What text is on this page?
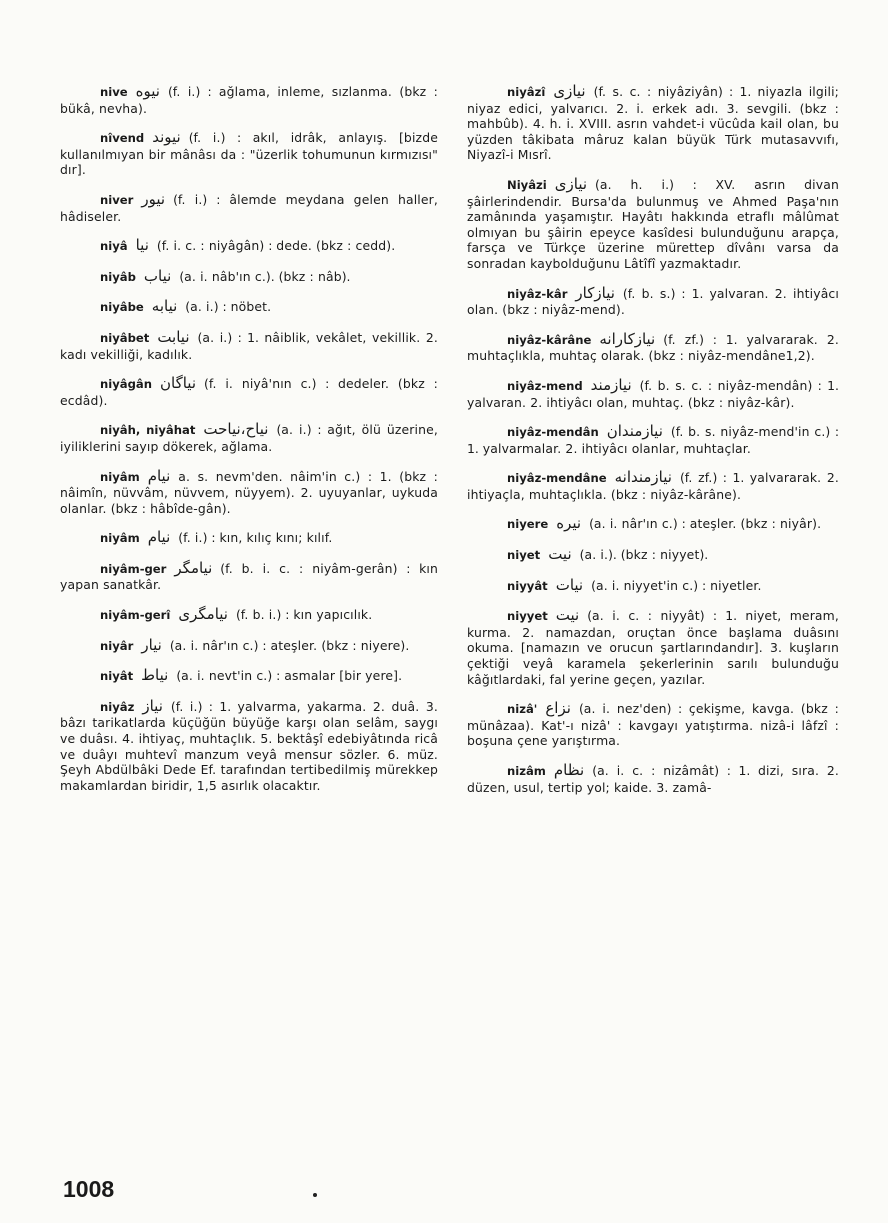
nive نیوه (f. i.) : ağlama, inleme, sızlanma. (bkz : bükâ, nevha).
nîvend نیوند (f. i.) : akıl, idrâk, anlayış. [bizde kullanılmıyan bir mânâsı da : "üzerlik tohumunun kırmızısı" dır].
niver نیور (f. i.) : âlemde meydana gelen haller, hâdiseler.
niyâ نیا (f. i. c. : niyâgân) : dede. (bkz : cedd).
niyâb نیاب (a. i. nâb'ın c.). (bkz : nâb).
niyâbe نیابه (a. i.) : nöbet.
niyâbet نیابت (a. i.) : 1. nâiblik, vekâlet, vekillik. 2. kadı vekilliği, kadılık.
niyâgân نیاگان (f. i. niyâ'nın c.) : dedeler. (bkz : ecdâd).
niyâh, niyâhat نیاح،نیاحت (a. i.) : ağıt, ölü üzerine, iyiliklerini sayıp dökerek, ağlama.
niyâm نیام a. s. nevm'den. nâim'in c.) : 1. (bkz : nâimîn, nüvvâm, nüvvem, nüyyem). 2. uyuyanlar, uykuda olanlar. (bkz : hâbîde-gân).
niyâm نیام (f. i.) : kın, kılıç kını; kılıf.
niyâm-ger نیامگر (f. b. i. c. : niyâm-gerân) : kın yapan sanatkâr.
niyâm-gerî نیامگری (f. b. i.) : kın yapıcılık.
niyâr نیار (a. i. nâr'ın c.) : ateşler. (bkz : niyere).
niyât نیاط (a. i. nevt'in c.) : asmalar [bir yere].
niyâz نیاز (f. i.) : 1. yalvarma, yakarma. 2. duâ. 3. bâzı tarikatlarda küçüğün büyüğe karşı olan selâm, saygı ve duâsı. 4. ihtiyaç, muhtaçlık. 5. bektâşî edebiyâtında ricâ ve duâyı muhtevî manzum veyâ mensur sözler. 6. müz. Şeyh Abdülbâki Dede Ef. tarafından tertibedilmiş mürekkep makamlardan biridir, 1,5 asırlık olacaktır.
niyâzî نیازی (f. s. c. : niyâziyân) : 1. niyazla ilgili; niyaz edici, yalvarıcı. 2. i. erkek adı. 3. sevgili. (bkz : mahbûb). 4. h. i. XVIII. asrın vahdet-i vücûda kail olan, bu yüzden tâkibata mâruz kalan büyük Türk mutasavvıfı, Niyazî-i Mısrî.
Niyâzi نیازی (a. h. i.) : XV. asrın divan şâirlerindendir. Bursa'da bulunmuş ve Ahmed Paşa'nın zamânında yaşamıştır. Hayâtı hakkında etraflı mâlûmat olmıyan bu şâirin epeyce kasîdesi bulunduğunu arapça, farsça ve Türkçe üzerine mürettep dîvânı varsa da sonradan kaybolduğunu Lâtîfî yazmaktadır.
niyâz-kâr نیازکار (f. b. s.) : 1. yalvaran. 2. ihtiyâcı olan. (bkz : niyâz-mend).
niyâz-kârâne نیازکارانه (f. zf.) : 1. yalvararak. 2. muhtaçlıkla, muhtaç olarak. (bkz : niyâz-mendâne1,2).
niyâz-mend نیازمند (f. b. s. c. : niyâz-mendân) : 1. yalvaran. 2. ihtiyâcı olan, muhtaç. (bkz : niyâz-kâr).
niyâz-mendân نیازمندان (f. b. s. niyâz-mend'in c.) : 1. yalvarmalar. 2. ihtiyâcı olanlar, muhtaçlar.
niyâz-mendâne نیازمندانه (f. zf.) : 1. yalvararak. 2. ihtiyaçla, muhtaçlıkla. (bkz : niyâz-kârâne).
niyere نیره (a. i. nâr'ın c.) : ateşler. (bkz : niyâr).
niyet نیت (a. i.). (bkz : niyyet).
niyyât نیات (a. i. niyyet'in c.) : niyetler.
niyyet نیت (a. i. c. : niyyât) : 1. niyet, meram, kurma. 2. namazdan, oruçtan önce başlama duâsını okuma. [namazın ve orucun şartlarındandır]. 3. kuşların çektiği veyâ karamela şekerlerinin sarılı bulunduğu kâğıtlardaki, fal yerine geçen, yazılar.
nizâ' نزاع (a. i. nez'den) : çekişme, kavga. (bkz : münâzaa). Kat'-ı nizâ' : kavgayı yatıştırma. nizâ-i lâfzî : boşuna çene yarıştırma.
nizâm نظام (a. i. c. : nizâmât) : 1. dizi, sıra. 2. düzen, usul, tertip yol; kaide. 3. zamâ-
1008
